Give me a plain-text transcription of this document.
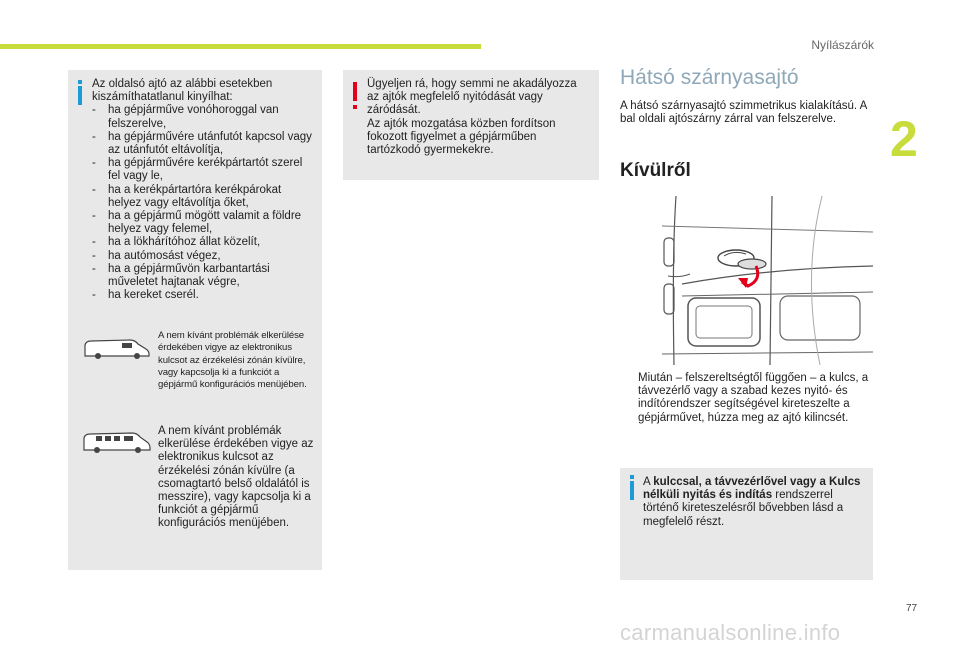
Nyílászárók
2
Az oldalsó ajtó az alábbi esetekben kiszámíthatatlanul kinyílhat:
- ha gépjárműve vonóhoroggal van felszerelve,
- ha gépjárművére utánfutót kapcsol vagy az utánfutót eltávolítja,
- ha gépjárművére kerékpártartót szerel fel vagy le,
- ha a kerékpártartóra kerékpárokat helyez vagy eltávolítja őket,
- ha a gépjármű mögött valamit a földre helyez vagy felemel,
- ha a lökhárítóhoz állat közelít,
- ha autómosást végez,
- ha a gépjárművön karbantartási műveletet hajtanak végre,
- ha kereket cserél.
A nem kívánt problémák elkerülése érdekében vigye az elektronikus kulcsot az érzékelési zónán kívülre, vagy kapcsolja ki a funkciót a gépjármű konfigurációs menüjében.
A nem kívánt problémák elkerülése érdekében vigye az elektronikus kulcsot az érzékelési zónán kívülre (a csomagtartó belső oldalától is messzire), vagy kapcsolja ki a funkciót a gépjármű konfigurációs menüjében.
Ügyeljen rá, hogy semmi ne akadályozza az ajtók megfelelő nyitódását vagy záródását.
Az ajtók mozgatása közben fordítson fokozott figyelmet a gépjárműben tartózkodó gyermekekre.
Hátsó szárnyasajtó
A hátsó szárnyasajtó szimmetrikus kialakítású. A bal oldali ajtószárny zárral van felszerelve.
Kívülről
Miután – felszereltségtől függően – a kulcs, a távvezérlő vagy a szabad kezes nyitó- és indítórendszer segítségével kireteszelte a gépjárművet, húzza meg az ajtó kilincsét.
A kulccsal, a távvezérlővel vagy a Kulcs nélküli nyitás és indítás rendszerrel történő kireteszelésről bővebben lásd a megfelelő részt.
77
carmanualsonline.info
